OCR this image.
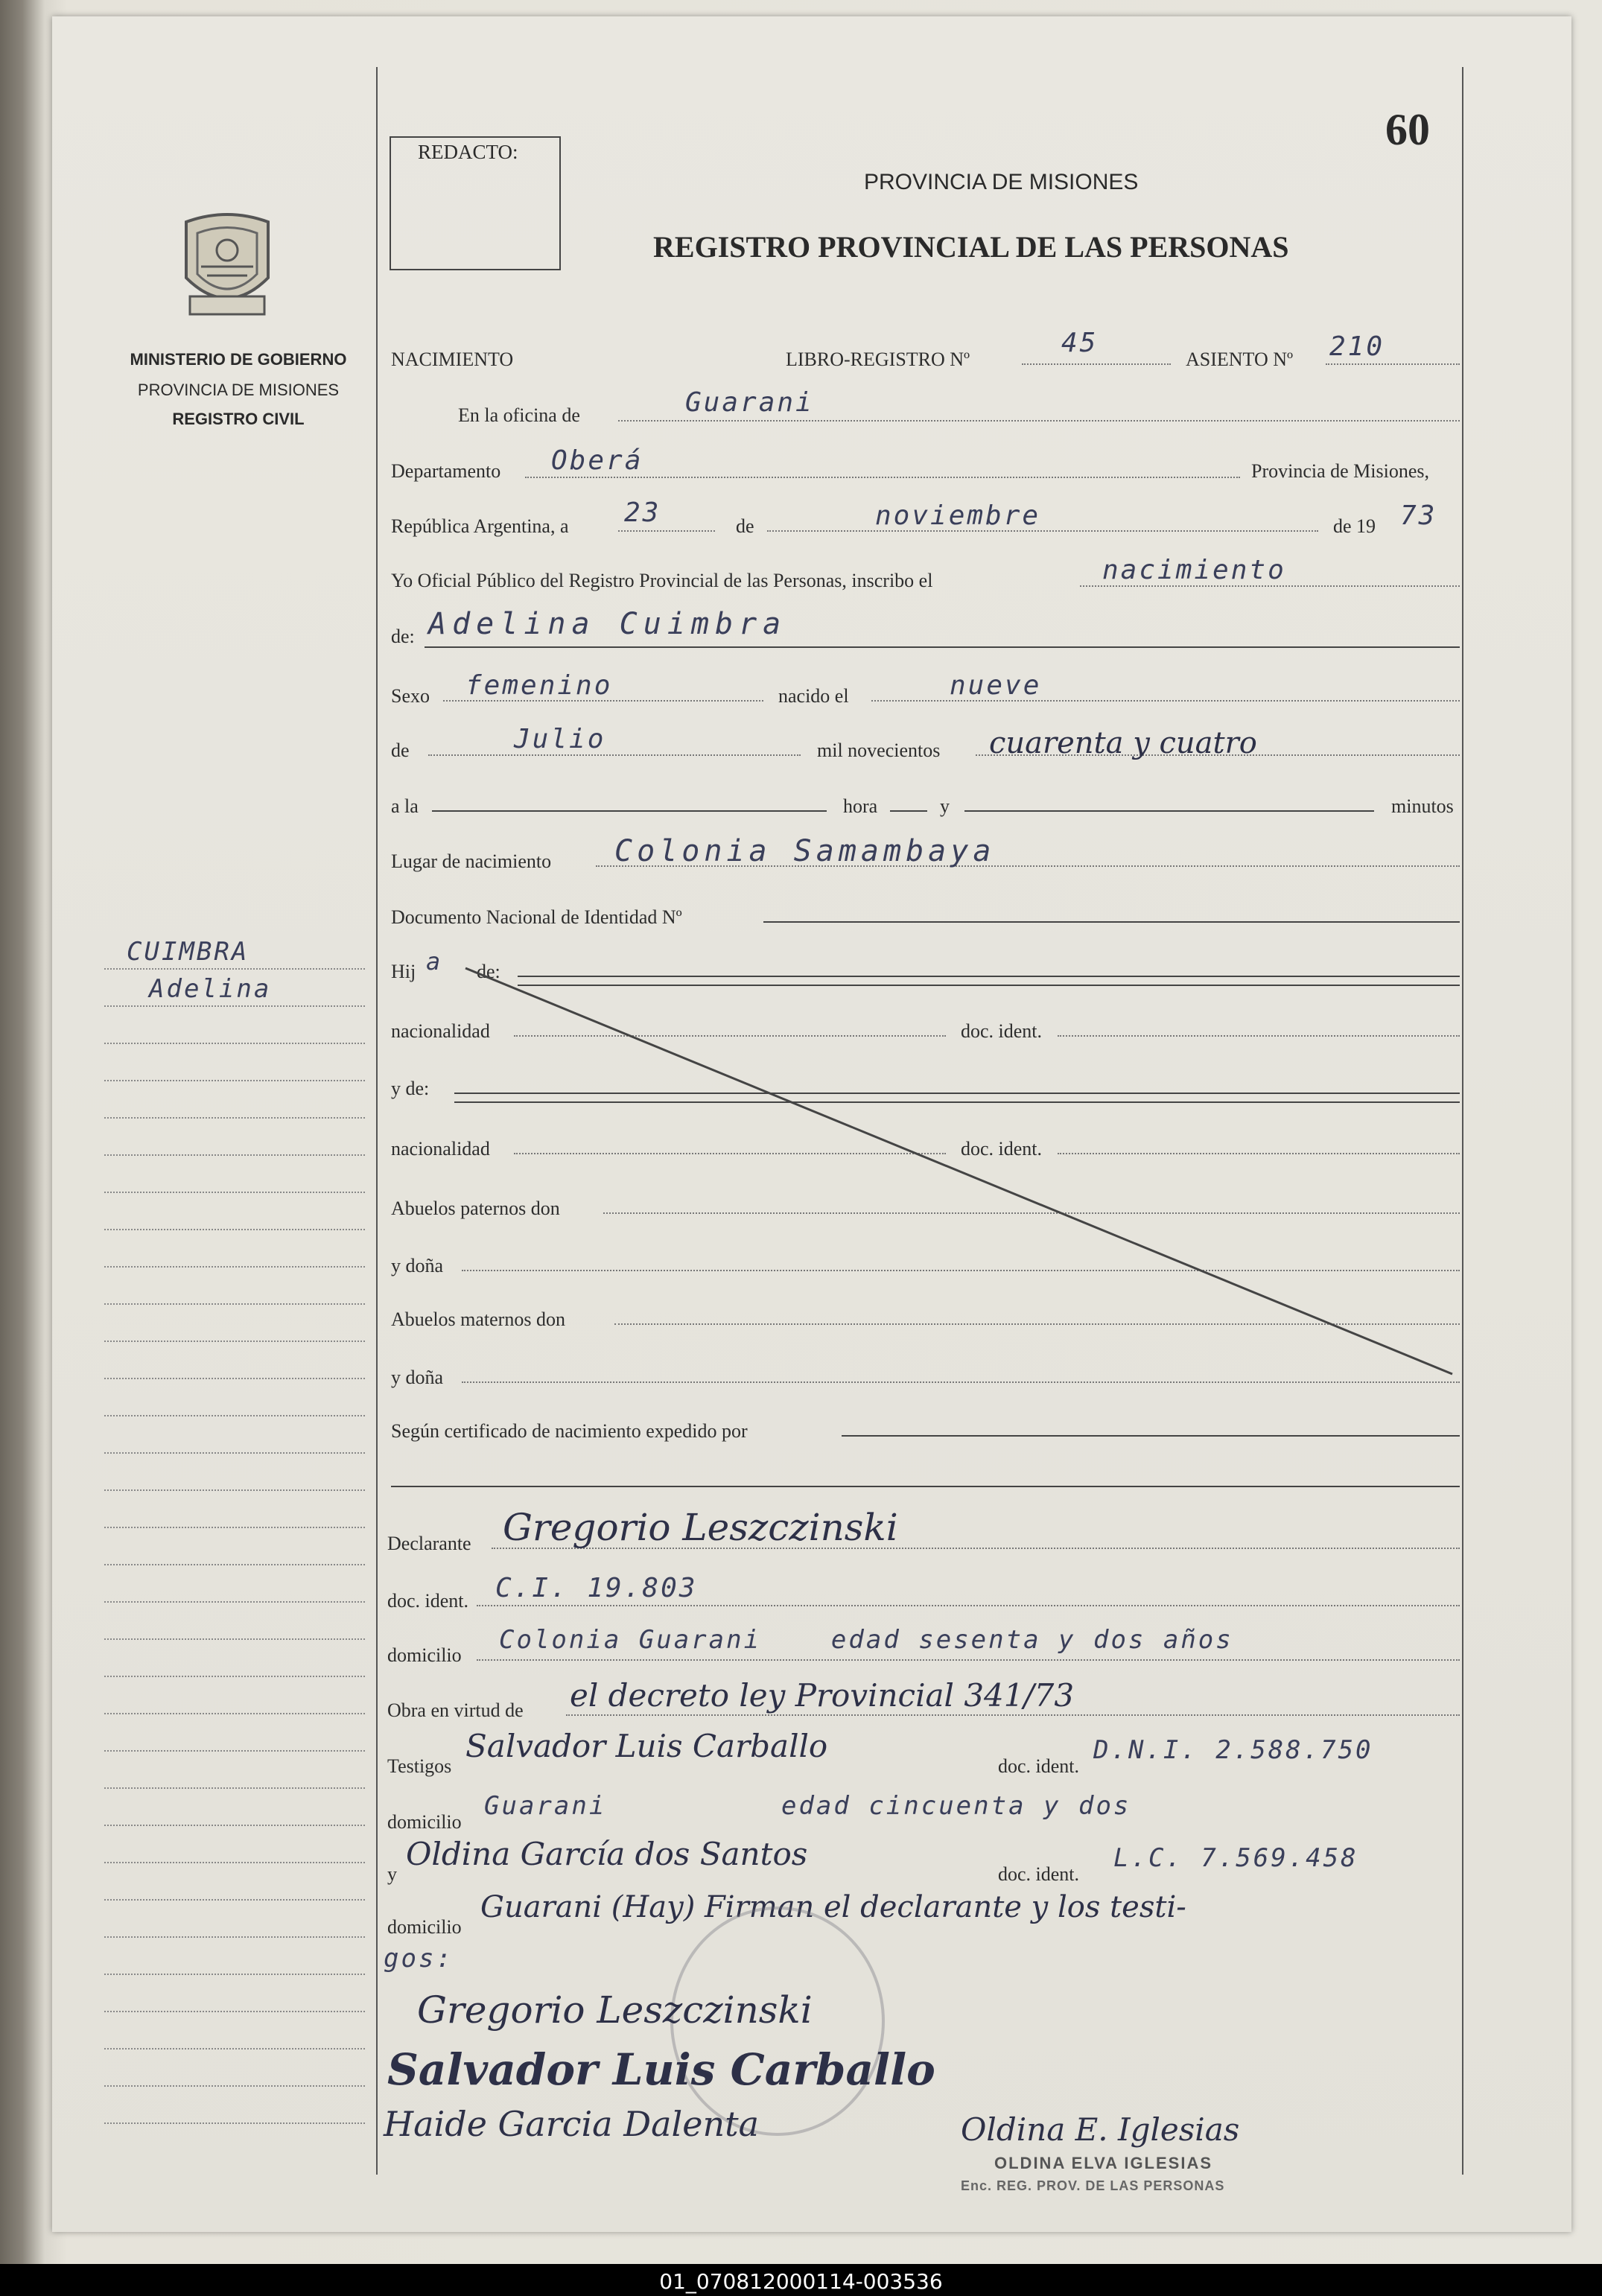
MINISTERIO DE GOBIERNO
PROVINCIA DE MISIONES
REGISTRO CIVIL
CUIMBRA
Adelina
REDACTO:	60
PROVINCIA DE MISIONES
REGISTRO PROVINCIAL DE LAS PERSONAS
NACIMIENTO	LIBRO-REGISTRO Nº
45
ASIENTO Nº 210
En la oficina de	Guarani
Departamento Oberá	Provincia de Misiones,
República Argentina, a 23	de	noviembre	de 19 73
Yo Oficial Público del Registro Provincial de las Personas, inscribo el	nacimiento
de: Adelina Cuimbra
Sexo femenino	nacido el	nueve
de	Julio	mil novecientos cuarenta y cuatro
a la	hora	y	minutos
Lugar de nacimiento Colonia Samambaya
Documento Nacional de Identidad Nº
Hij a de:
nacionalidad	doc. ident.
y de:
nacionalidad	doc. ident.
Abuelos paternos don
y doña
Abuelos maternos don
y doña
Según certificado de nacimiento expedido por
Declarante Gregorio Leszczinski
doc. ident. C.I. 19.803
domicilio
Colonia Guarani    edad sesenta y dos años
Obra en virtud de el decreto ley Provincial 341/73
Testigos
Salvador Luis Carballo
doc. ident.
D.N.I. 2.588.750
domicilio
Guarani          edad cincuenta y dos
y
Oldina García dos Santos
doc. ident.
L.C. 7.569.458
domicilio
Guarani (Hay) Firman el declarante y los testi-
gos:
Gregorio Leszczinski
Salvador Luis Carballo
Haide Garcia Dalenta	Oldina E. Iglesias
OLDINA ELVA IGLESIAS
Enc. REG. PROV. DE LAS PERSONAS
01_070812000114-003536
